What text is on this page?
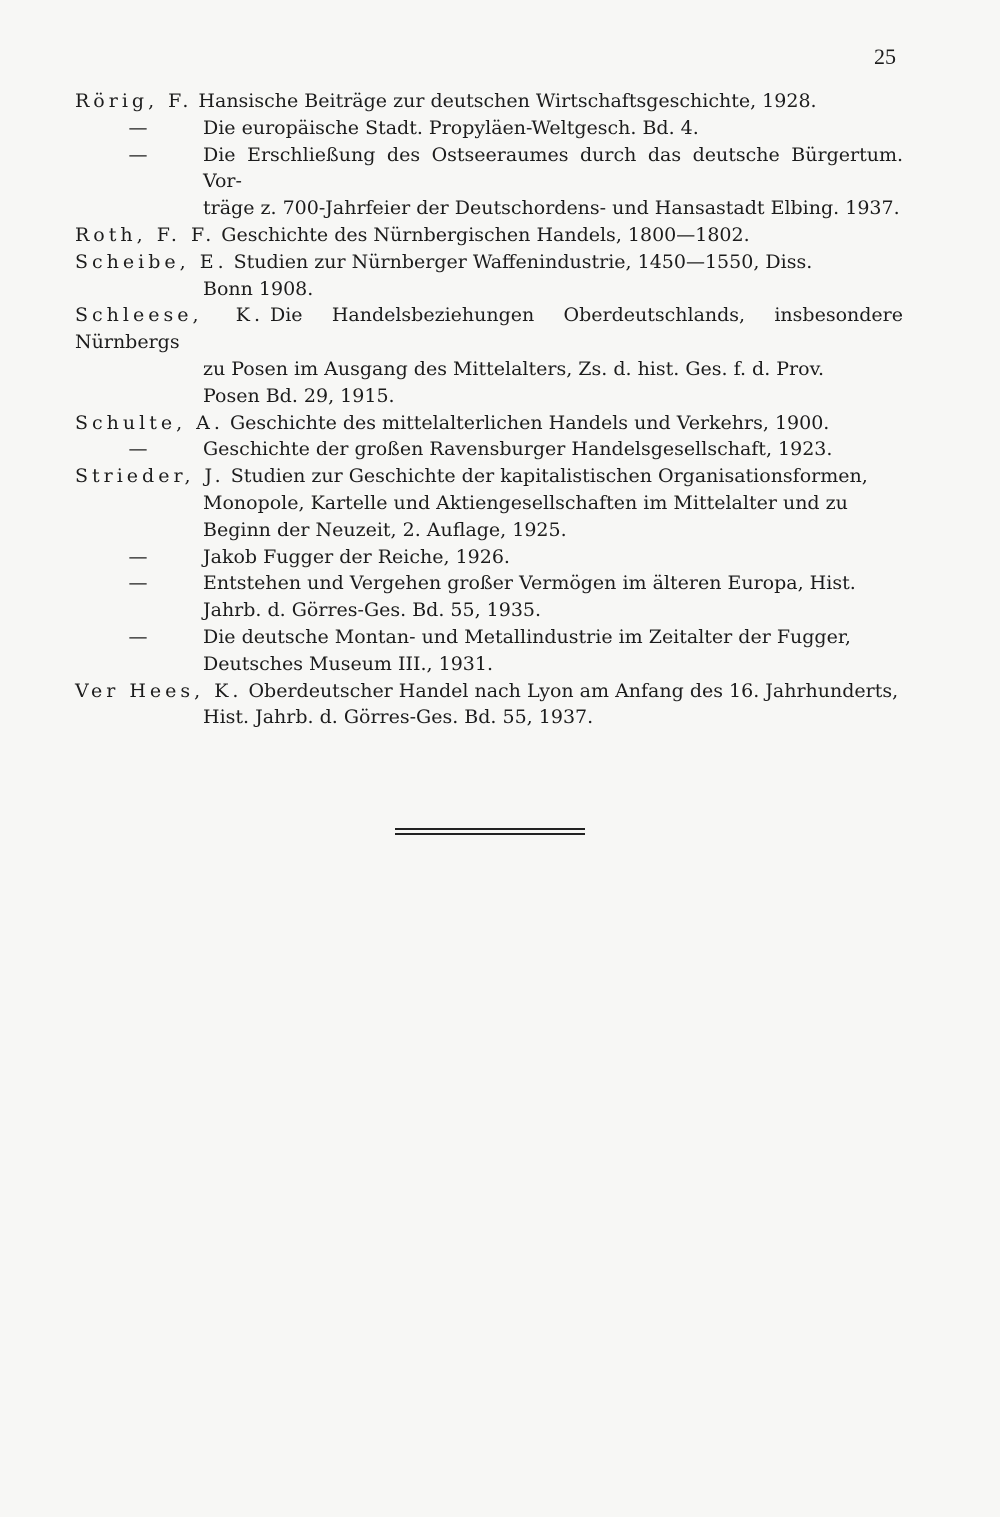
25
Rörig, F. Hansische Beiträge zur deutschen Wirtschaftsgeschichte, 1928.
—	Die europäische Stadt. Propyläen-Weltgesch. Bd. 4.
—	Die Erschließung des Ostseeraumes durch das deutsche Bürgertum. Vor-
träge z. 700-Jahrfeier der Deutschordens- und Hansastadt Elbing. 1937.
Roth, F. F. Geschichte des Nürnbergischen Handels, 1800—1802.
Scheibe, E. Studien zur Nürnberger Waffenindustrie, 1450—1550, Diss.
Bonn 1908.
Schleese, K. Die Handelsbeziehungen Oberdeutschlands, insbesondere Nürnbergs
zu Posen im Ausgang des Mittelalters, Zs. d. hist. Ges. f. d. Prov.
Posen Bd. 29, 1915.
Schulte, A. Geschichte des mittelalterlichen Handels und Verkehrs, 1900.
—	Geschichte der großen Ravensburger Handelsgesellschaft, 1923.
Strieder, J. Studien zur Geschichte der kapitalistischen Organisationsformen,
Monopole, Kartelle und Aktiengesellschaften im Mittelalter und zu
Beginn der Neuzeit, 2. Auflage, 1925.
—	Jakob Fugger der Reiche, 1926.
—	Entstehen und Vergehen großer Vermögen im älteren Europa, Hist.
Jahrb. d. Görres-Ges. Bd. 55, 1935.
—	Die deutsche Montan- und Metallindustrie im Zeitalter der Fugger,
Deutsches Museum III., 1931.
Ver Hees, K. Oberdeutscher Handel nach Lyon am Anfang des 16. Jahrhunderts,
Hist. Jahrb. d. Görres-Ges. Bd. 55, 1937.
